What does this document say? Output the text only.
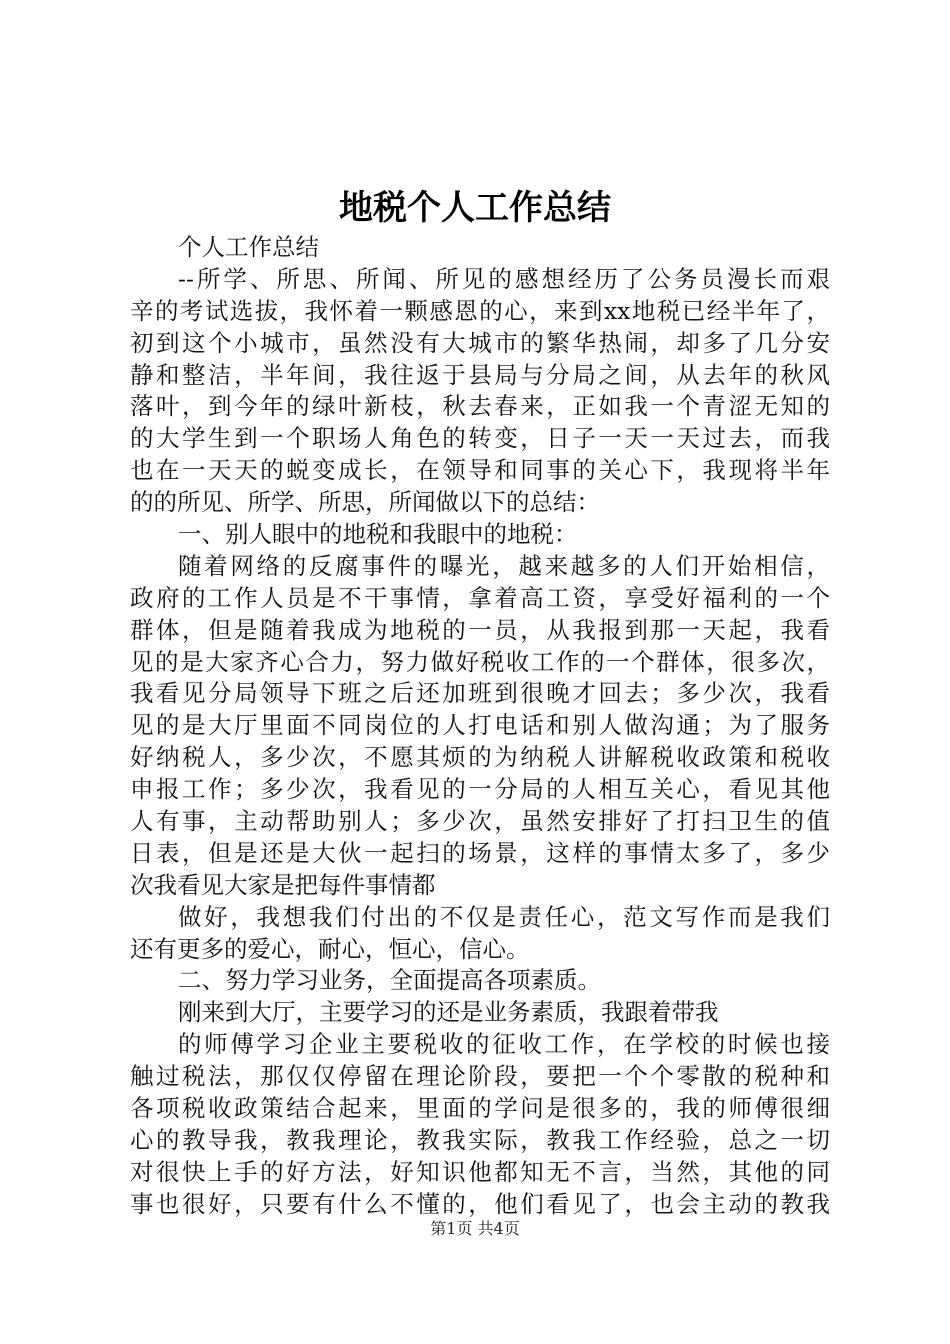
地税个人工作总结
个人工作总结
--所学、所思、所闻、所见的感想经历了公务员漫长而艰
辛的考试选拔，我怀着一颗感恩的心，来到xx地税已经半年了，
初到这个小城市，虽然没有大城市的繁华热闹，却多了几分安
静和整洁，半年间，我往返于县局与分局之间，从去年的秋风
落叶，到今年的绿叶新枝，秋去春来，正如我一个青涩无知的
的大学生到一个职场人角色的转变，日子一天一天过去，而我
也在一天天的蜕变成长，在领导和同事的关心下，我现将半年
的的所见、所学、所思，所闻做以下的总结：
一、别人眼中的地税和我眼中的地税：
随着网络的反腐事件的曝光，越来越多的人们开始相信，
政府的工作人员是不干事情，拿着高工资，享受好福利的一个
群体，但是随着我成为地税的一员，从我报到那一天起，我看
见的是大家齐心合力，努力做好税收工作的一个群体，很多次，
我看见分局领导下班之后还加班到很晚才回去；多少次，我看
见的是大厅里面不同岗位的人打电话和别人做沟通；为了服务
好纳税人，多少次，不愿其烦的为纳税人讲解税收政策和税收
申报工作；多少次，我看见的一分局的人相互关心，看见其他
人有事，主动帮助别人；多少次，虽然安排好了打扫卫生的值
日表，但是还是大伙一起扫的场景，这样的事情太多了，多少
次我看见大家是把每件事情都
做好，我想我们付出的不仅是责任心，范文写作而是我们
还有更多的爱心，耐心，恒心，信心。
二、努力学习业务，全面提高各项素质。
刚来到大厅，主要学习的还是业务素质，我跟着带我
的师傅学习企业主要税收的征收工作，在学校的时候也接
触过税法，那仅仅停留在理论阶段，要把一个个零散的税种和
各项税收政策结合起来，里面的学问是很多的，我的师傅很细
心的教导我，教我理论，教我实际，教我工作经验，总之一切
对很快上手的好方法，好知识他都知无不言，当然，其他的同
事也很好，只要有什么不懂的，他们看见了，也会主动的教我
第1页 共4页
